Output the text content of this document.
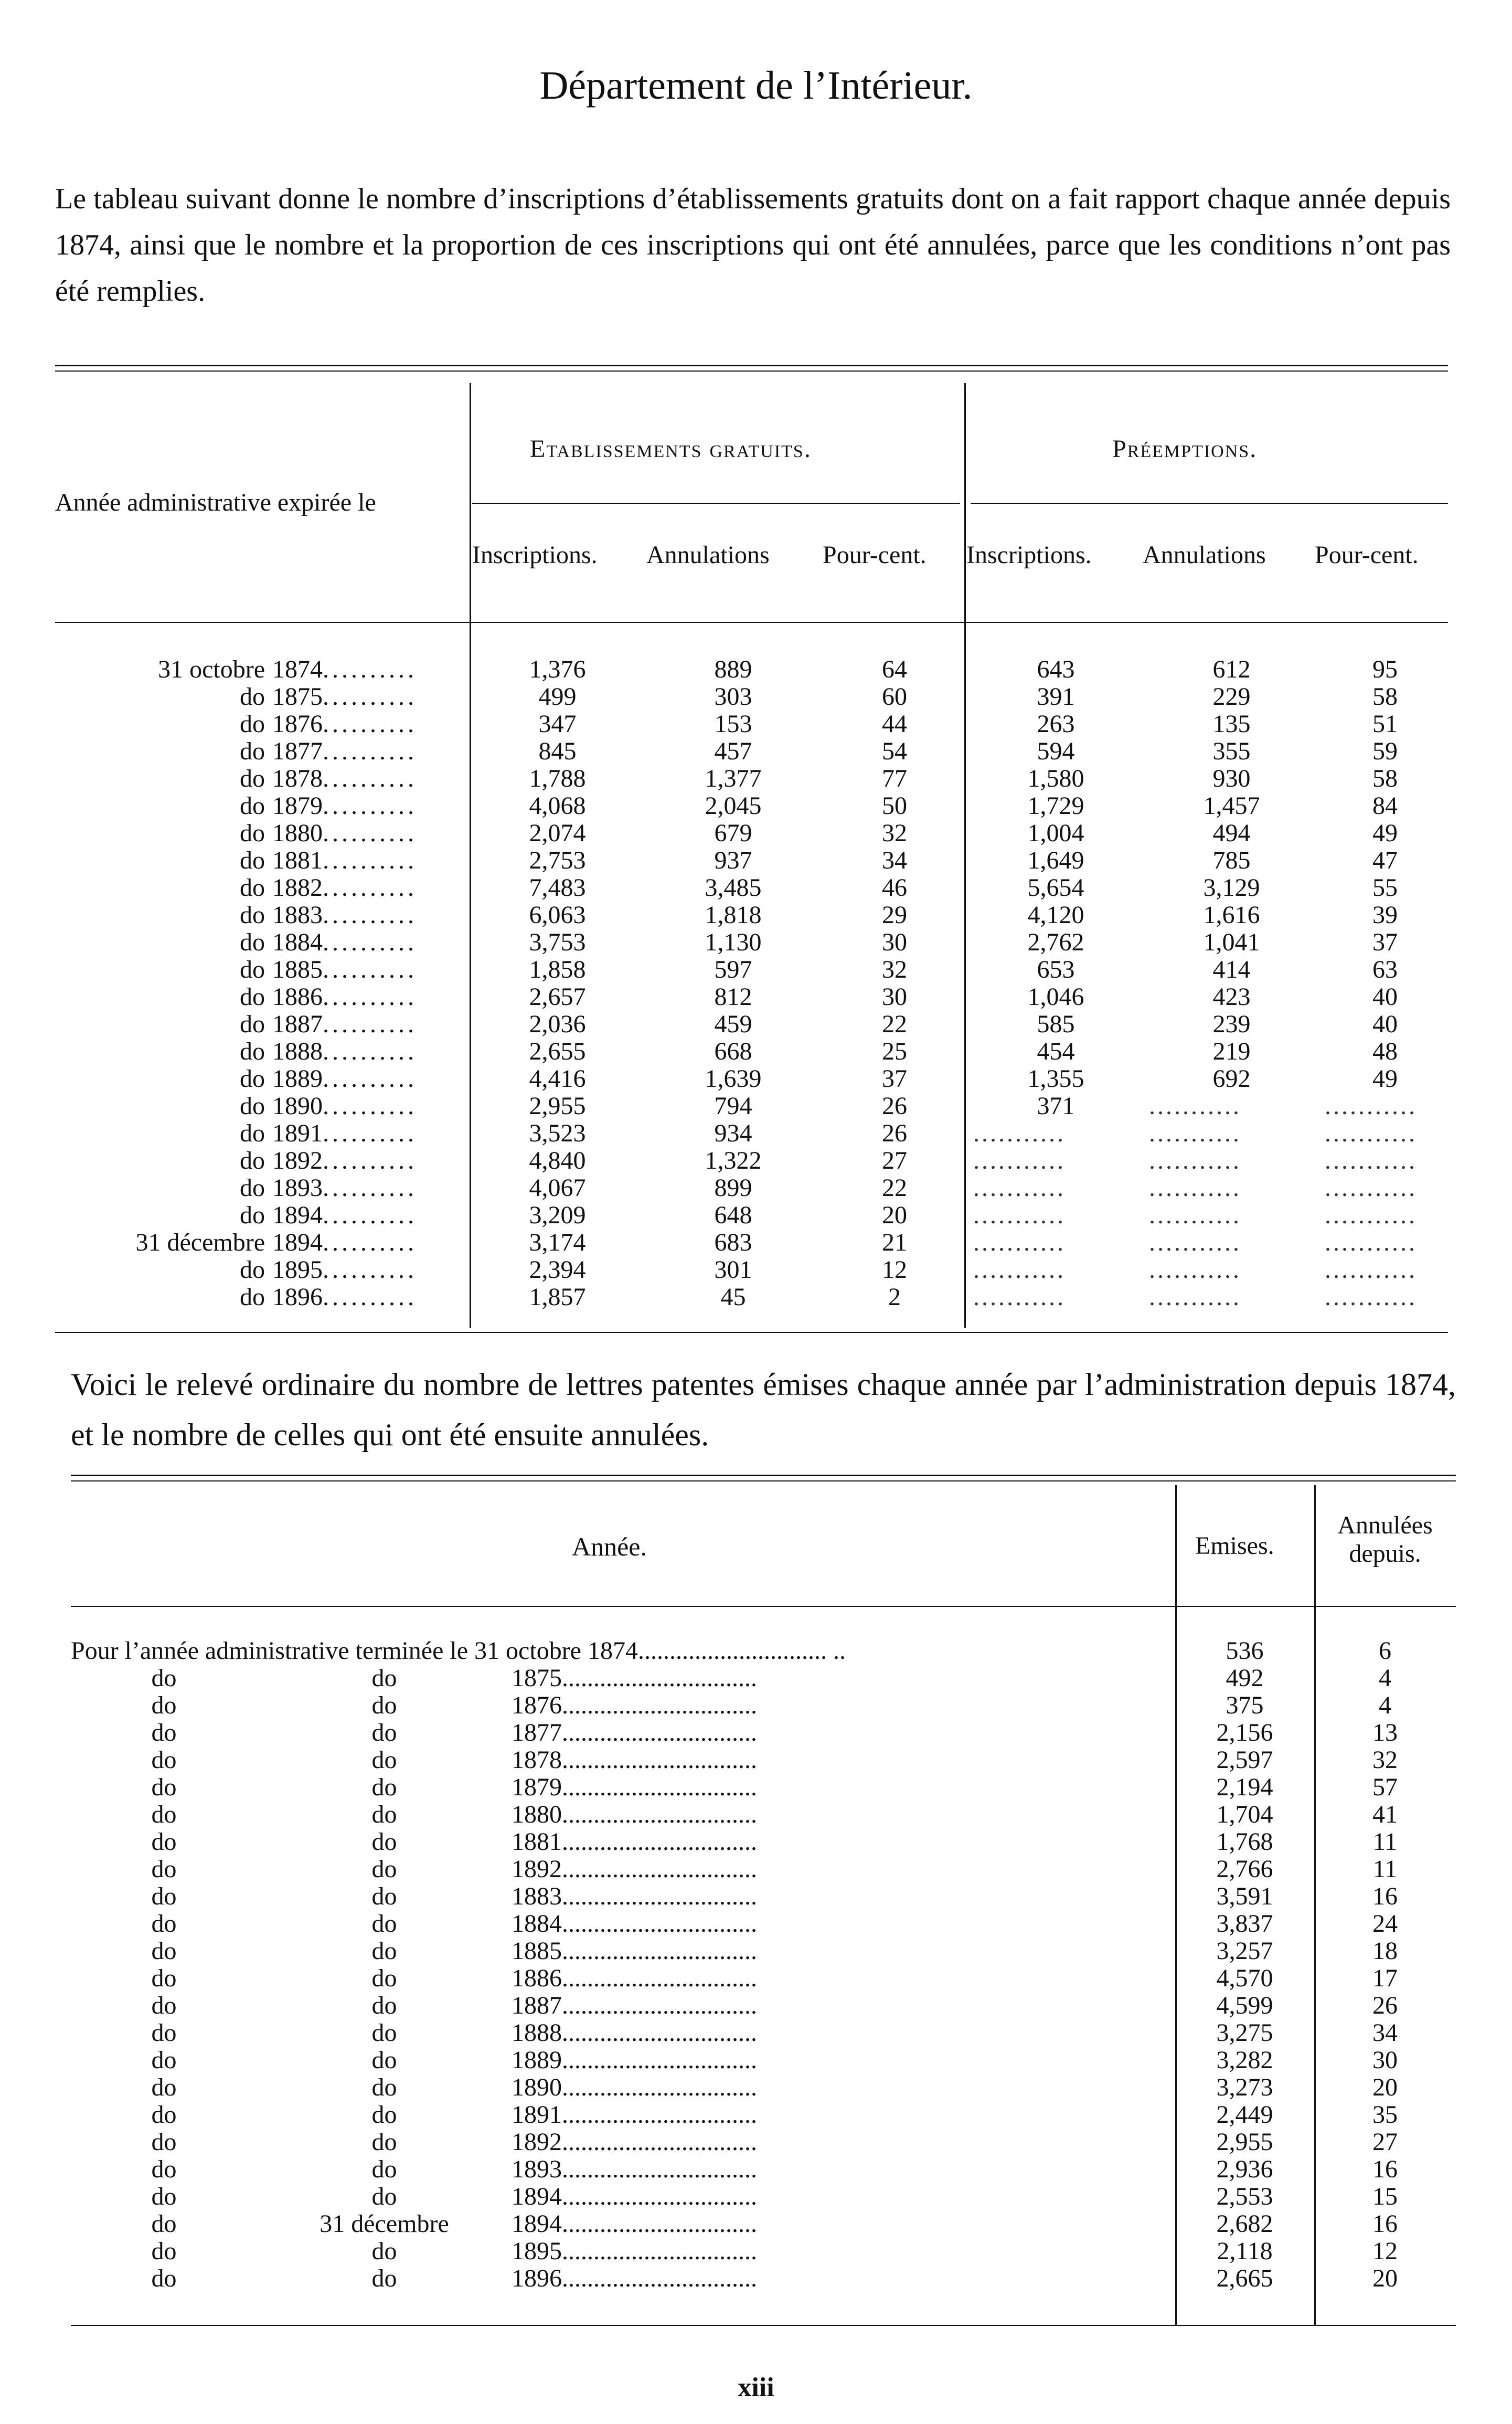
Département de l’Intérieur.
Le tableau suivant donne le nombre d’inscriptions d’établissements gratuits dont on a fait rapport chaque année depuis 1874, ainsi que le nombre et la proportion de ces inscriptions qui ont été annulées, parce que les conditions n’ont pas été remplies.
Etablissements gratuits.	Préemptions.
Année administrative expirée le
Inscriptions. Annulations Pour-cent. Inscriptions. Annulations Pour-cent.
31 octobre 1874..........	1,376	889	64	643	612	95
do 1875..........	499	303	60	391	229	58
do 1876..........	347	153	44	263	135	51
do 1877..........	845	457	54	594	355	59
do 1878..........	1,788	1,377	77	1,580	930	58
do 1879..........	4,068	2,045	50	1,729	1,457	84
do 1880..........	2,074	679	32	1,004	494	49
do 1881..........	2,753	937	34	1,649	785	47
do 1882..........	7,483	3,485	46	5,654	3,129	55
do 1883..........	6,063	1,818	29	4,120	1,616	39
do 1884..........	3,753	1,130	30	2,762	1,041	37
do 1885..........	1,858	597	32	653	414	63
do 1886..........	2,657	812	30	1,046	423	40
do 1887..........	2,036	459	22	585	239	40
do 1888..........	2,655	668	25	454	219	48
do 1889..........	4,416	1,639	37	1,355	692	49
do 1890..........	2,955	794	26	371	...........	...........
do 1891..........	3,523	934	26	...........	...........	...........
do 1892..........	4,840	1,322	27	...........	...........	...........
do 1893..........	4,067	899	22	...........	...........	...........
do 1894..........	3,209	648	20	...........	...........	...........
31 décembre 1894..........	3,174	683	21	...........	...........	...........
do 1895..........	2,394	301	12	...........	...........	...........
do 1896..........	1,857	45	2	...........	...........	...........
Voici le relevé ordinaire du nombre de lettres patentes émises chaque année par l’administration depuis 1874, et le nombre de celles qui ont été ensuite annulées.
Année.	Emises.
Annulées depuis.
Pour l’année administrative terminée le 31 octobre 1874.............................. ..			536	6
do	do	1875...............................	492	4
do	do	1876...............................	375	4
do	do	1877...............................	2,156	13
do	do	1878...............................	2,597	32
do	do	1879...............................	2,194	57
do	do	1880...............................	1,704	41
do	do	1881...............................	1,768	11
do	do	1892...............................	2,766	11
do	do	1883...............................	3,591	16
do	do	1884...............................	3,837	24
do	do	1885...............................	3,257	18
do	do	1886...............................	4,570	17
do	do	1887...............................	4,599	26
do	do	1888...............................	3,275	34
do	do	1889...............................	3,282	30
do	do	1890...............................	3,273	20
do	do	1891...............................	2,449	35
do	do	1892...............................	2,955	27
do	do	1893...............................	2,936	16
do	do	1894...............................	2,553	15
do	31 décembre	1894...............................	2,682	16
do	do	1895...............................	2,118	12
do	do	1896...............................	2,665	20
xiii
